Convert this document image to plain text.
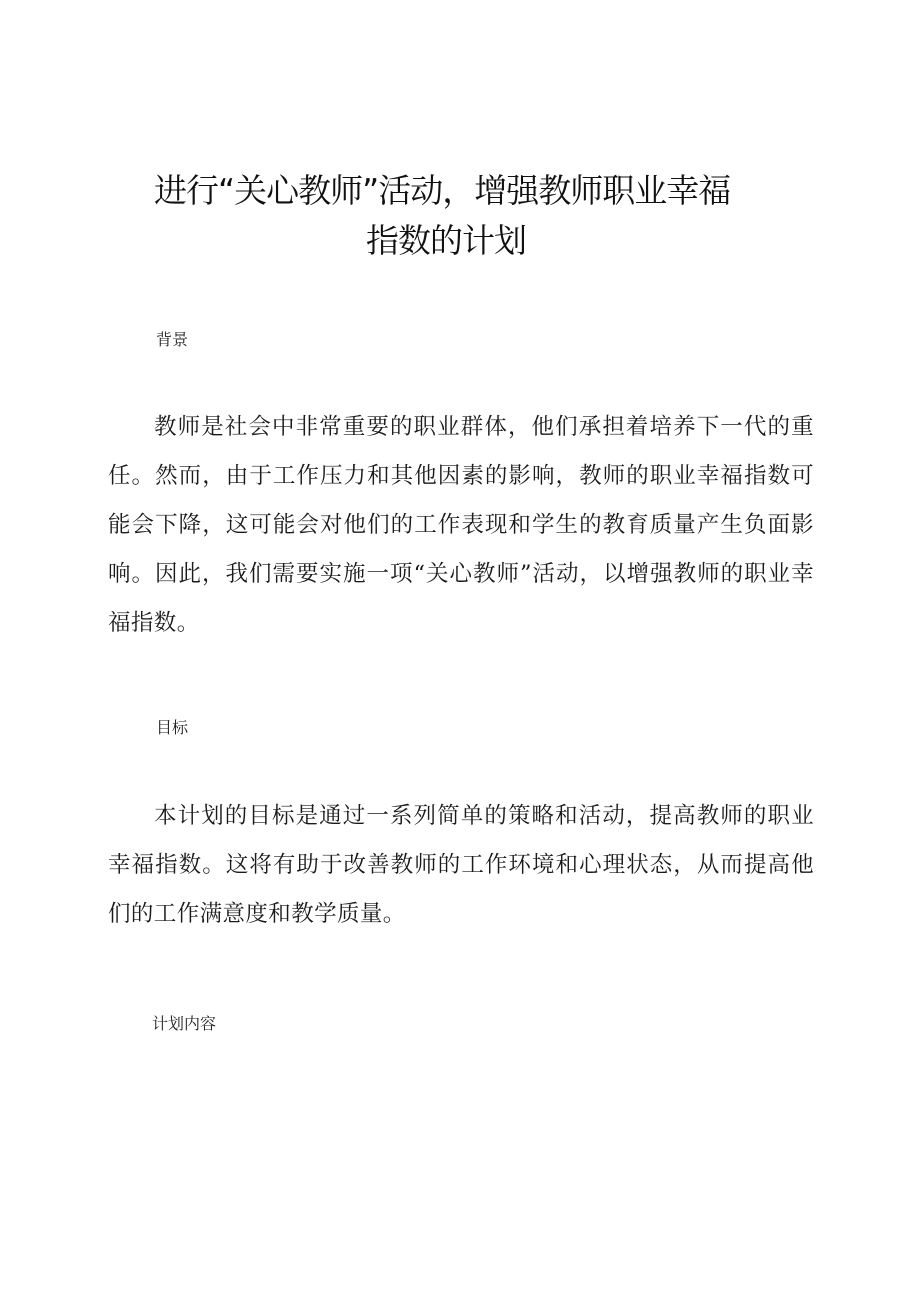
进行“关心教师”活动，增强教师职业幸福
指数的计划
背景

教师是社会中非常重要的职业群体，他们承担着培养下一代的重任。然而，由于工作压力和其他因素的影响，教师的职业幸福指数可能会下降，这可能会对他们的工作表现和学生的教育质量产生负面影响。因此，我们需要实施一项“关心教师”活动，以增强教师的职业幸福指数。

目标

本计划的目标是通过一系列简单的策略和活动，提高教师的职业幸福指数。这将有助于改善教师的工作环境和心理状态，从而提高他们的工作满意度和教学质量。

计划内容
